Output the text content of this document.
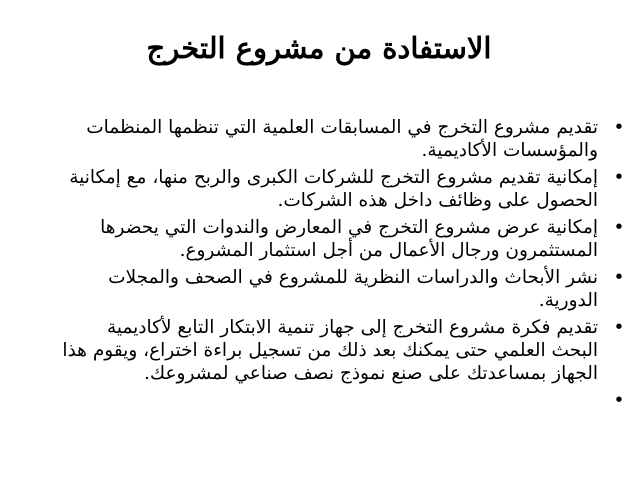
الاستفادة من مشروع التخرج
•
تقديم مشروع التخرج في المسابقات العلمية التي تنظمها المنظمات
والمؤسسات الأكاديمية.
•
إمكانية تقديم مشروع التخرج للشركات الكبرى والربح منها، مع إمكانية
الحصول على وظائف داخل هذه الشركات.
•
إمكانية عرض مشروع التخرج في المعارض والندوات التي يحضرها
المستثمرون ورجال الأعمال من أجل استثمار المشروع.
•
نشر الأبحاث والدراسات النظرية للمشروع في الصحف والمجلات
الدورية.
•
تقديم فكرة مشروع التخرج إلى جهاز تنمية الابتكار التابع لأكاديمية
البحث العلمي حتى يمكنك بعد ذلك من تسجيل براءة اختراع، ويقوم هذا
الجهاز بمساعدتك على صنع نموذج نصف صناعي لمشروعك.
•
